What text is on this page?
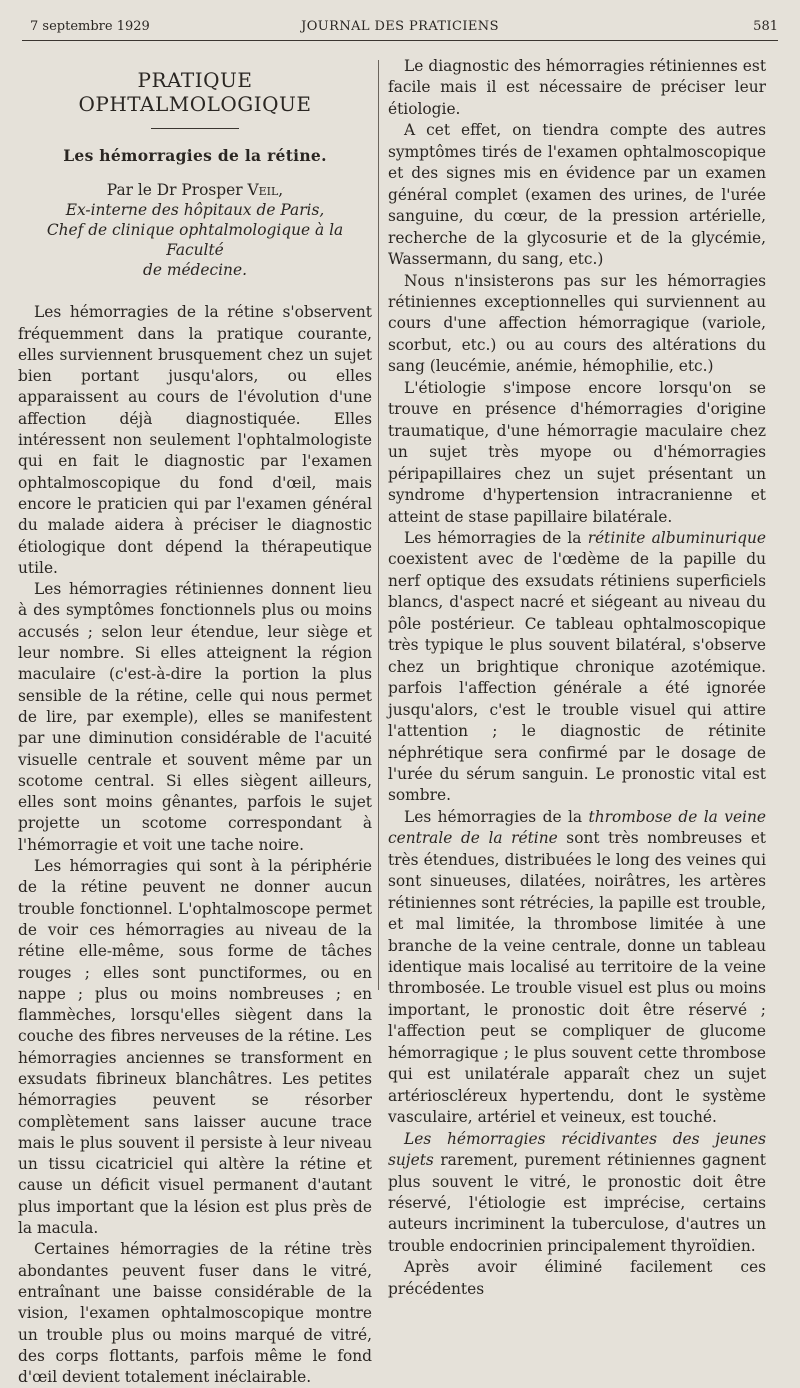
7 septembre 1929	JOURNAL DES PRATICIENS	581
PRATIQUE OPHTALMOLOGIQUE
Les hémorragies de la rétine.
Par le Dr Prosper Veil,
Ex-interne des hôpitaux de Paris,
Chef de clinique ophtalmologique à la Faculté
de médecine.

Les hémorragies de la rétine s'observent fréquemment dans la pratique courante, elles surviennent brusquement chez un sujet bien portant jusqu'alors, ou elles apparaissent au cours de l'évolution d'une affection déjà diagnostiquée. Elles intéressent non seulement l'ophtalmologiste qui en fait le diagnostic par l'examen ophtalmoscopique du fond d'œil, mais encore le praticien qui par l'examen général du malade aidera à préciser le diagnostic étiologique dont dépend la thérapeutique utile.

Les hémorragies rétiniennes donnent lieu à des symptômes fonctionnels plus ou moins accusés ; selon leur étendue, leur siège et leur nombre. Si elles atteignent la région maculaire (c'est-à-dire la portion la plus sensible de la rétine, celle qui nous permet de lire, par exemple), elles se manifestent par une diminution considérable de l'acuité visuelle centrale et souvent même par un scotome central. Si elles siègent ailleurs, elles sont moins gênantes, parfois le sujet projette un scotome correspondant à l'hémorragie et voit une tache noire.

Les hémorragies qui sont à la périphérie de la rétine peuvent ne donner aucun trouble fonctionnel. L'ophtalmoscope permet de voir ces hémorragies au niveau de la rétine elle-même, sous forme de tâches rouges ; elles sont punctiformes, ou en nappe ; plus ou moins nombreuses ; en flammèches, lorsqu'elles siègent dans la couche des fibres nerveuses de la rétine. Les hémorragies anciennes se transforment en exsudats fibrineux blanchâtres. Les petites hémorragies peuvent se résorber complètement sans laisser aucune trace mais le plus souvent il persiste à leur niveau un tissu cicatriciel qui altère la rétine et cause un déficit visuel permanent d'autant plus important que la lésion est plus près de la macula.

Certaines hémorragies de la rétine très abondantes peuvent fuser dans le vitré, entraînant une baisse considérable de la vision, l'examen ophtalmoscopique montre un trouble plus ou moins marqué de vitré, des corps flottants, parfois même le fond d'œil devient totalement inéclairable.

Le diagnostic des hémorragies rétiniennes est facile mais il est nécessaire de préciser leur étiologie.

A cet effet, on tiendra compte des autres symptômes tirés de l'examen ophtalmoscopique et des signes mis en évidence par un examen général complet (examen des urines, de l'urée sanguine, du cœur, de la pression artérielle, recherche de la glycosurie et de la glycémie, Wassermann, du sang, etc.)

Nous n'insisterons pas sur les hémorragies rétiniennes exceptionnelles qui surviennent au cours d'une affection hémorragique (variole, scorbut, etc.) ou au cours des altérations du sang (leucémie, anémie, hémophilie, etc.)

L'étiologie s'impose encore lorsqu'on se trouve en présence d'hémorragies d'origine traumatique, d'une hémorragie maculaire chez un sujet très myope ou d'hémorragies péripapillaires chez un sujet présentant un syndrome d'hypertension intracranienne et atteint de stase papillaire bilatérale.

Les hémorragies de la rétinite albuminurique coexistent avec de l'œdème de la papille du nerf optique des exsudats rétiniens superficiels blancs, d'aspect nacré et siégeant au niveau du pôle postérieur. Ce tableau ophtalmoscopique très typique le plus souvent bilatéral, s'observe chez un brightique chronique azotémique. parfois l'affection générale a été ignorée jusqu'alors, c'est le trouble visuel qui attire l'attention ; le diagnostic de rétinite néphrétique sera confirmé par le dosage de l'urée du sérum sanguin. Le pronostic vital est sombre.

Les hémorragies de la thrombose de la veine centrale de la rétine sont très nombreuses et très étendues, distribuées le long des veines qui sont sinueuses, dilatées, noirâtres, les artères rétiniennes sont rétrécies, la papille est trouble, et mal limitée, la thrombose limitée à une branche de la veine centrale, donne un tableau identique mais localisé au territoire de la veine thrombosée. Le trouble visuel est plus ou moins important, le pronostic doit être réservé ; l'affection peut se compliquer de glucome hémorragique ; le plus souvent cette thrombose qui est unilatérale apparaît chez un sujet artérioscléreux hypertendu, dont le système vasculaire, artériel et veineux, est touché.

Les hémorragies récidivantes des jeunes sujets rarement, purement rétiniennes gagnent plus souvent le vitré, le pronostic doit être réservé, l'étiologie est imprécise, certains auteurs incriminent la tuberculose, d'autres un trouble endocrinien principalement thyroïdien.

Après avoir éliminé facilement ces précédentes
